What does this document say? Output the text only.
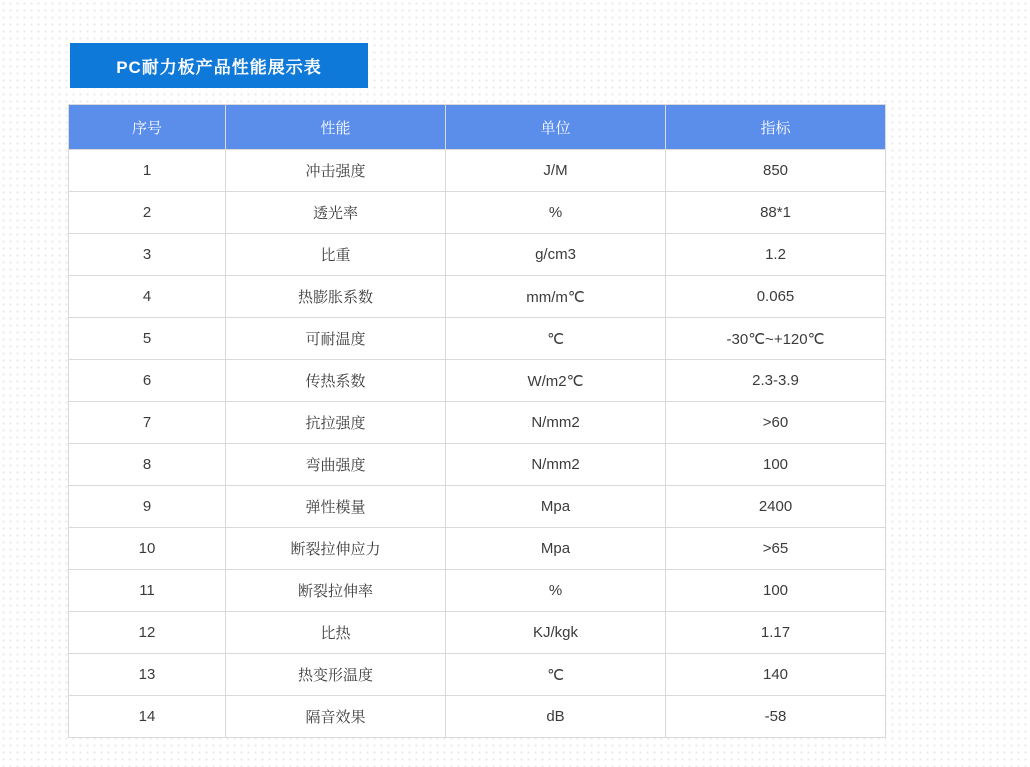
PC耐力板产品性能展示表
序号	性能	单位	指标
1	冲击强度	J/M	850
2	透光率	%	88*1
3	比重	g/cm3	1.2
4	热膨胀系数	mm/m℃	0.065
5	可耐温度	℃	-30℃~+120℃
6	传热系数	W/m2℃	2.3-3.9
7	抗拉强度	N/mm2	>60
8	弯曲强度	N/mm2	100
9	弹性模量	Mpa	2400
10	断裂拉伸应力	Mpa	>65
11	断裂拉伸率	%	100
12	比热	KJ/kgk	1.17
13	热变形温度	℃	140
14	隔音效果	dB	-58
